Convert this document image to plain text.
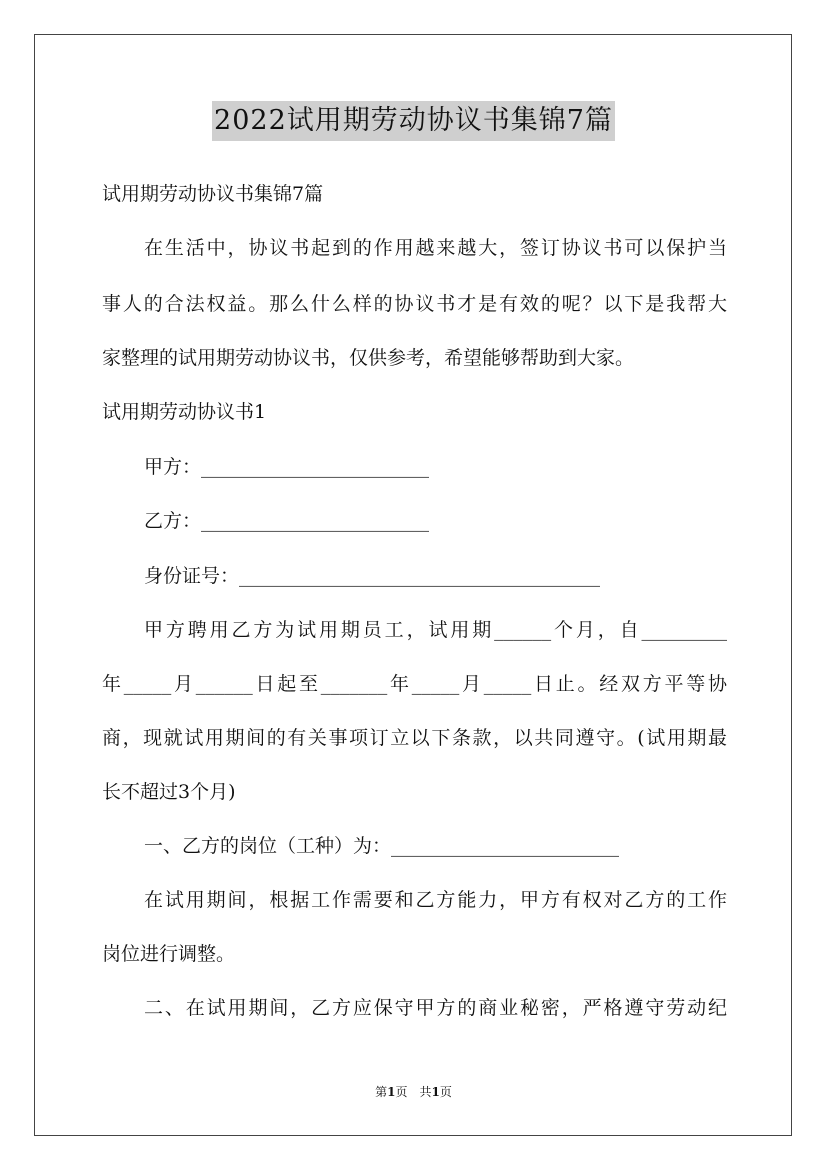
2022试用期劳动协议书集锦7篇
试用期劳动协议书集锦7篇
在生活中，协议书起到的作用越来越大，签订协议书可以保护当
事人的合法权益。那么什么样的协议书才是有效的呢？以下是我帮大
家整理的试用期劳动协议书，仅供参考，希望能够帮助到大家。
试用期劳动协议书1
甲方：________________________
乙方：________________________
身份证号：______________________________________
甲方聘用乙方为试用期员工，试用期______个月，自_________
年_____月______日起至_______年_____月_____日止。经双方平等协
商，现就试用期间的有关事项订立以下条款，以共同遵守。(试用期最
长不超过3个月)
一、乙方的岗位（工种）为：________________________
在试用期间，根据工作需要和乙方能力，甲方有权对乙方的工作
岗位进行调整。
二、在试用期间，乙方应保守甲方的商业秘密，严格遵守劳动纪
第1页　共1页
